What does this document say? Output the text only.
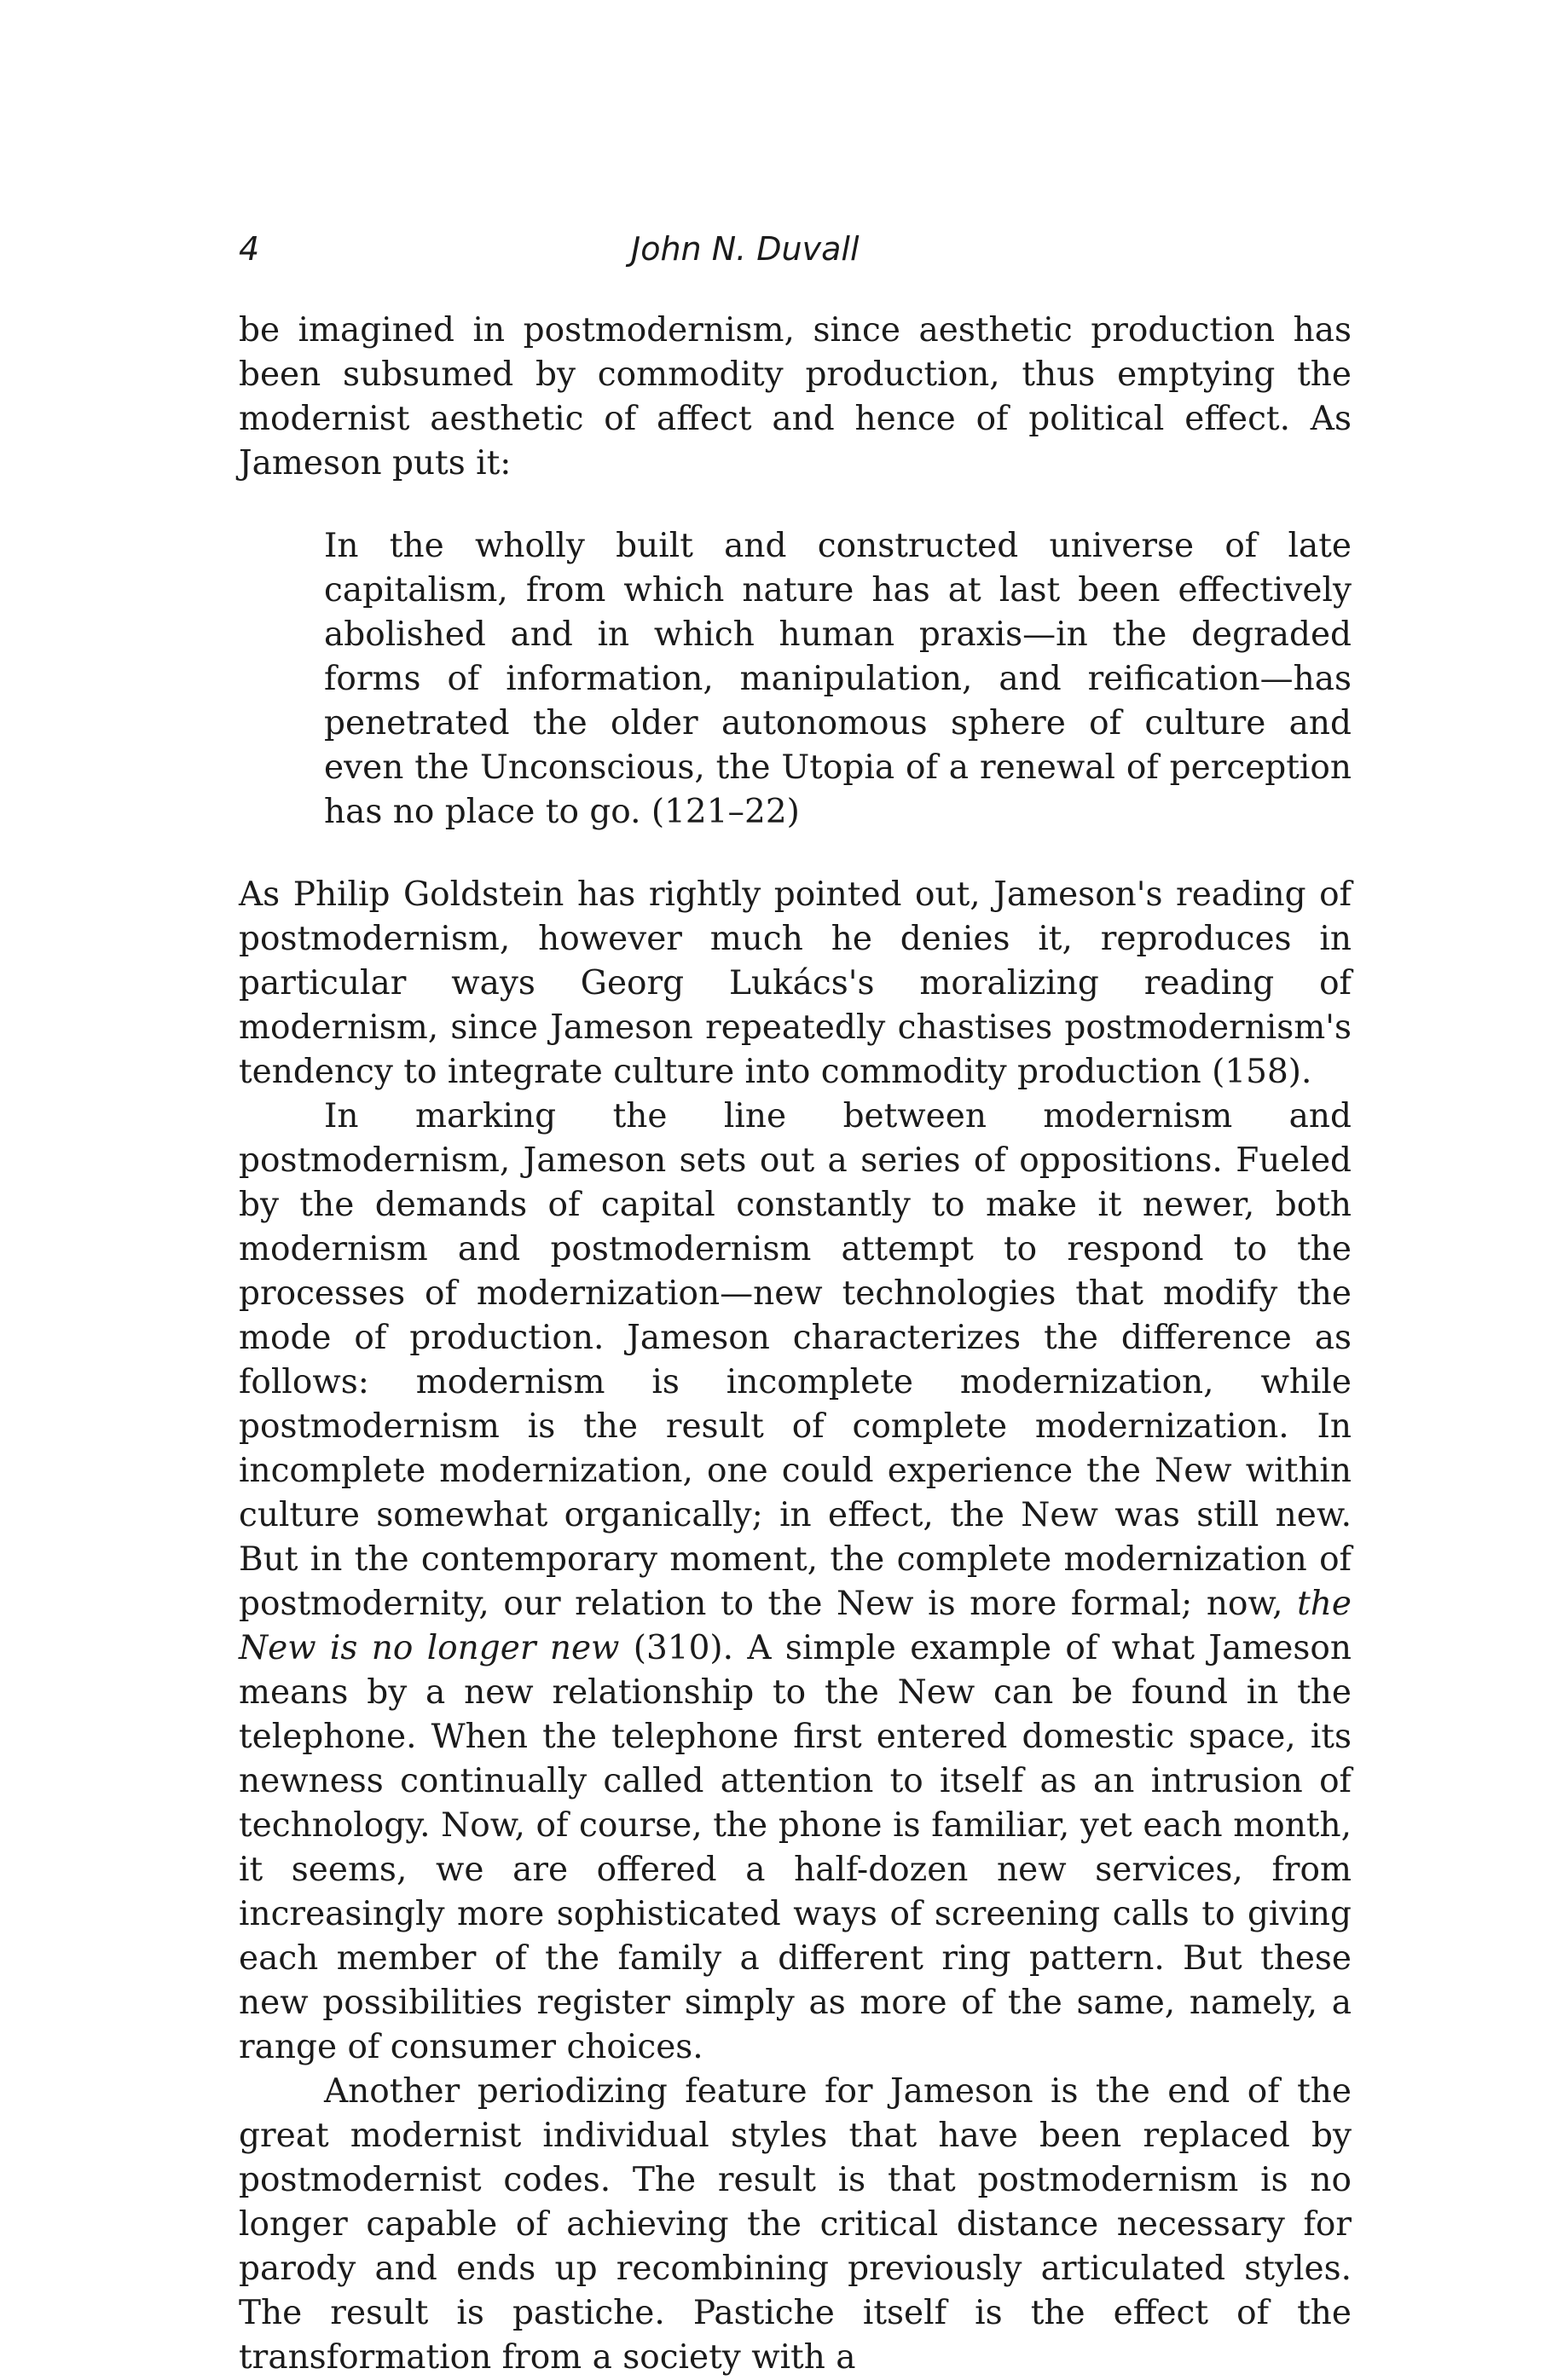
4	John N. Duvall

be imagined in postmodernism, since aesthetic production has been subsumed by commodity production, thus emptying the modernist aesthetic of affect and hence of political effect. As Jameson puts it:

In the wholly built and constructed universe of late capitalism, from which nature has at last been effectively abolished and in which human praxis—in the degraded forms of information, manipulation, and reification—has penetrated the older autonomous sphere of culture and even the Unconscious, the Utopia of a renewal of perception has no place to go. (121–22)

As Philip Goldstein has rightly pointed out, Jameson's reading of postmodernism, however much he denies it, reproduces in particular ways Georg Lukács's moralizing reading of modernism, since Jameson repeatedly chastises postmodernism's tendency to integrate culture into commodity production (158).

In marking the line between modernism and postmodernism, Jameson sets out a series of oppositions. Fueled by the demands of capital constantly to make it newer, both modernism and postmodernism attempt to respond to the processes of modernization—new technologies that modify the mode of production. Jameson characterizes the difference as follows: modernism is incomplete modernization, while postmodernism is the result of complete modernization. In incomplete modernization, one could experience the New within culture somewhat organically; in effect, the New was still new. But in the contemporary moment, the complete modernization of postmodernity, our relation to the New is more formal; now, the New is no longer new (310). A simple example of what Jameson means by a new relationship to the New can be found in the telephone. When the telephone first entered domestic space, its newness continually called attention to itself as an intrusion of technology. Now, of course, the phone is familiar, yet each month, it seems, we are offered a half-dozen new services, from increasingly more sophisticated ways of screening calls to giving each member of the family a different ring pattern. But these new possibilities register simply as more of the same, namely, a range of consumer choices.

Another periodizing feature for Jameson is the end of the great modernist individual styles that have been replaced by postmodernist codes. The result is that postmodernism is no longer capable of achieving the critical distance necessary for parody and ends up recombining previously articulated styles. The result is pastiche. Pastiche itself is the effect of the transformation from a society with a
